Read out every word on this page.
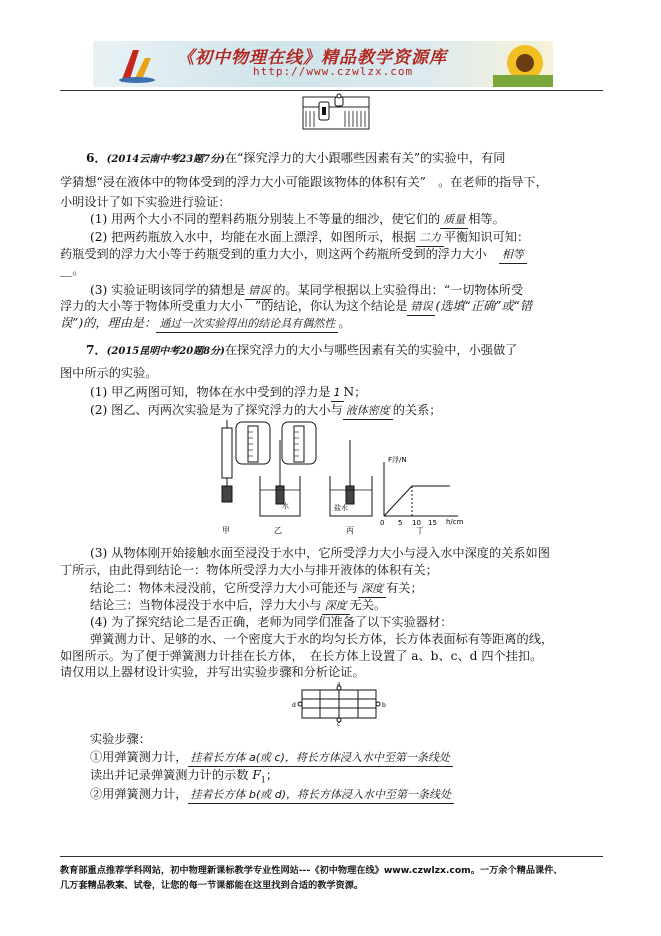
《初中物理在线》精品教学资源库
http://www.czwlzx.com
6．(2014云南中考23题7分)在“探究浮力的大小跟哪些因素有关”的实验中，有同
学猜想“浸在液体中的物体受到的浮力大小可能跟该物体的体积有关”　。在老师的指导下，
小明设计了如下实验进行验证：
(1) 用两个大小不同的塑料药瓶分别装上不等量的细沙，使它们的 质量 相等。
(2) 把两药瓶放入水中，均能在水面上漂浮，如图所示，根据 二力 平衡知识可知：
药瓶受到的浮力大小等于药瓶受到的重力大小，则这两个药瓶所受到的浮力大小　 相等
__。
(3) 实验证明该同学的猜想是 错误 的。某同学根据以上实验得出：“一切物体所受
浮力的大小等于物体所受重力大小　”的结论，你认为这个结论是 错误 (选填“正确”或“错
误”)的，理由是： 通过一次实验得出的结论具有偶然性 。
7．(2015昆明中考20题8分)在探究浮力的大小与哪些因素有关的实验中，小强做了
图中所示的实验。
(1) 甲乙两图可知，物体在水中受到的浮力是 1 N；
(2) 图乙、丙两次实验是为了探究浮力的大小与 液体密度 的关系；
水	盐水
F浮/N
h/cm
0 5 10 15
甲	乙	丙	丁
(3) 从物体刚开始接触水面至浸没于水中，它所受浮力大小与浸入水中深度的关系如图
丁所示，由此得到结论一：物体所受浮力大小与排开液体的体积有关；
结论二：物体未浸没前，它所受浮力大小可能还与 深度 有关；
结论三：当物体浸没于水中后，浮力大小与 深度 无关。
(4) 为了探究结论二是否正确，老师为同学们准备了以下实验器材：
弹簧测力计、足够的水、一个密度大于水的均匀长方体，长方体表面标有等距离的线，
如图所示。为了便于弹簧测力计挂在长方体，　在长方体上设置了 a、b、c、d 四个挂扣。
请仅用以上器材设计实验，并写出实验步骤和分析论证。
a
b
c
d
实验步骤：
①用弹簧测力计， 挂着长方体 a(或 c)，将长方体浸入水中至第一条线处
读出并记录弹簧测力计的示数 $F_1$；
②用弹簧测力计， 挂着长方体 b(或 d)，将长方体浸入水中至第一条线处
教育部重点推荐学科网站，初中物理新课标教学专业性网站---《初中物理在线》www.czwlzx.com。一万余个精品课件、
几万套精品教案、试卷，让您的每一节课都能在这里找到合适的教学资源。
